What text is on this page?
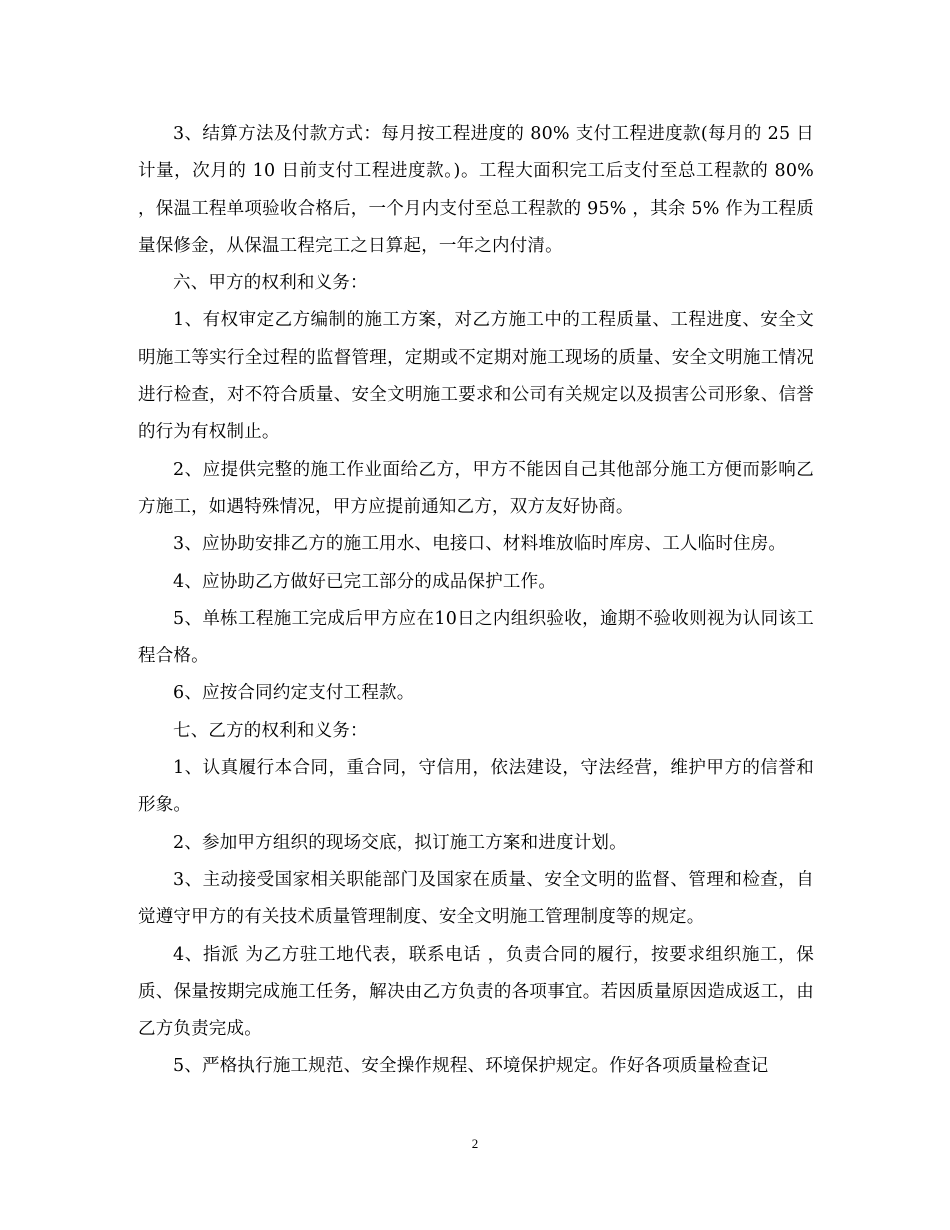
3、结算方法及付款方式：每月按工程进度的 80% 支付工程进度款(每月的 25 日计量，次月的 10 日前支付工程进度款。)。工程大面积完工后支付至总工程款的 80% ，保温工程单项验收合格后，一个月内支付至总工程款的 95% ，其余 5% 作为工程质量保修金，从保温工程完工之日算起，一年之内付清。

六、甲方的权利和义务：

1、有权审定乙方编制的施工方案，对乙方施工中的工程质量、工程进度、安全文明施工等实行全过程的监督管理，定期或不定期对施工现场的质量、安全文明施工情况进行检查，对不符合质量、安全文明施工要求和公司有关规定以及损害公司形象、信誉的行为有权制止。

2、应提供完整的施工作业面给乙方，甲方不能因自己其他部分施工方便而影响乙方施工，如遇特殊情况，甲方应提前通知乙方，双方友好协商。

3、应协助安排乙方的施工用水、电接口、材料堆放临时库房、工人临时住房。

4、应协助乙方做好已完工部分的成品保护工作。

5、单栋工程施工完成后甲方应在10日之内组织验收，逾期不验收则视为认同该工程合格。

6、应按合同约定支付工程款。

七、乙方的权利和义务：

1、认真履行本合同，重合同，守信用，依法建设，守法经营，维护甲方的信誉和 形象。

2、参加甲方组织的现场交底，拟订施工方案和进度计划。

3、主动接受国家相关职能部门及国家在质量、安全文明的监督、管理和检查，自觉遵守甲方的有关技术质量管理制度、安全文明施工管理制度等的规定。

4、指派 为乙方驻工地代表，联系电话 ，负责合同的履行，按要求组织施工，保质、保量按期完成施工任务，解决由乙方负责的各项事宜。若因质量原因造成返工，由乙方负责完成。

5、严格执行施工规范、安全操作规程、环境保护规定。作好各项质量检查记

2
